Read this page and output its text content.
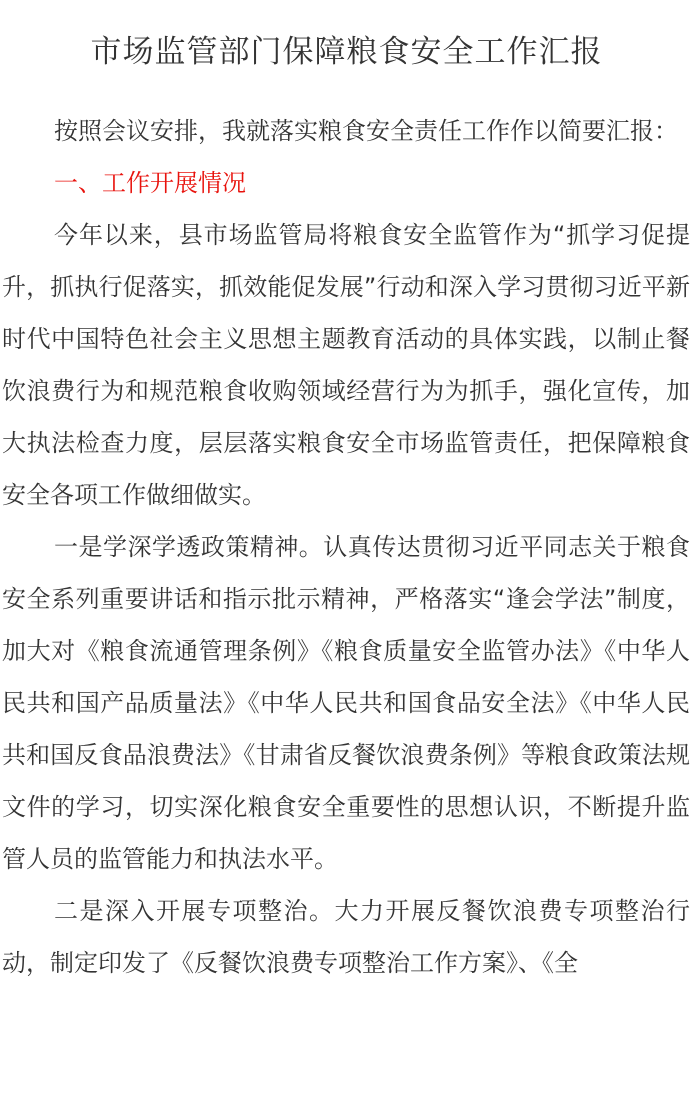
市场监管部门保障粮食安全工作汇报

按照会议安排，我就落实粮食安全责任工作作以简要汇报：

一、工作开展情况

今年以来，县市场监管局将粮食安全监管作为“抓学习促提升，抓执行促落实，抓效能促发展”行动和深入学习贯彻习近平新时代中国特色社会主义思想主题教育活动的具体实践，以制止餐饮浪费行为和规范粮食收购领域经营行为为抓手，强化宣传，加大执法检查力度，层层落实粮食安全市场监管责任，把保障粮食安全各项工作做细做实。

一是学深学透政策精神。认真传达贯彻习近平同志关于粮食安全系列重要讲话和指示批示精神，严格落实“逢会学法”制度，加大对《粮食流通管理条例》《粮食质量安全监管办法》《中华人民共和国产品质量法》《中华人民共和国食品安全法》《中华人民共和国反食品浪费法》《甘肃省反餐饮浪费条例》等粮食政策法规文件的学习，切实深化粮食安全重要性的思想认识，不断提升监管人员的监管能力和执法水平。

二是深入开展专项整治。大力开展反餐饮浪费专项整治行动，制定印发了《反餐饮浪费专项整治工作方案》、《全
